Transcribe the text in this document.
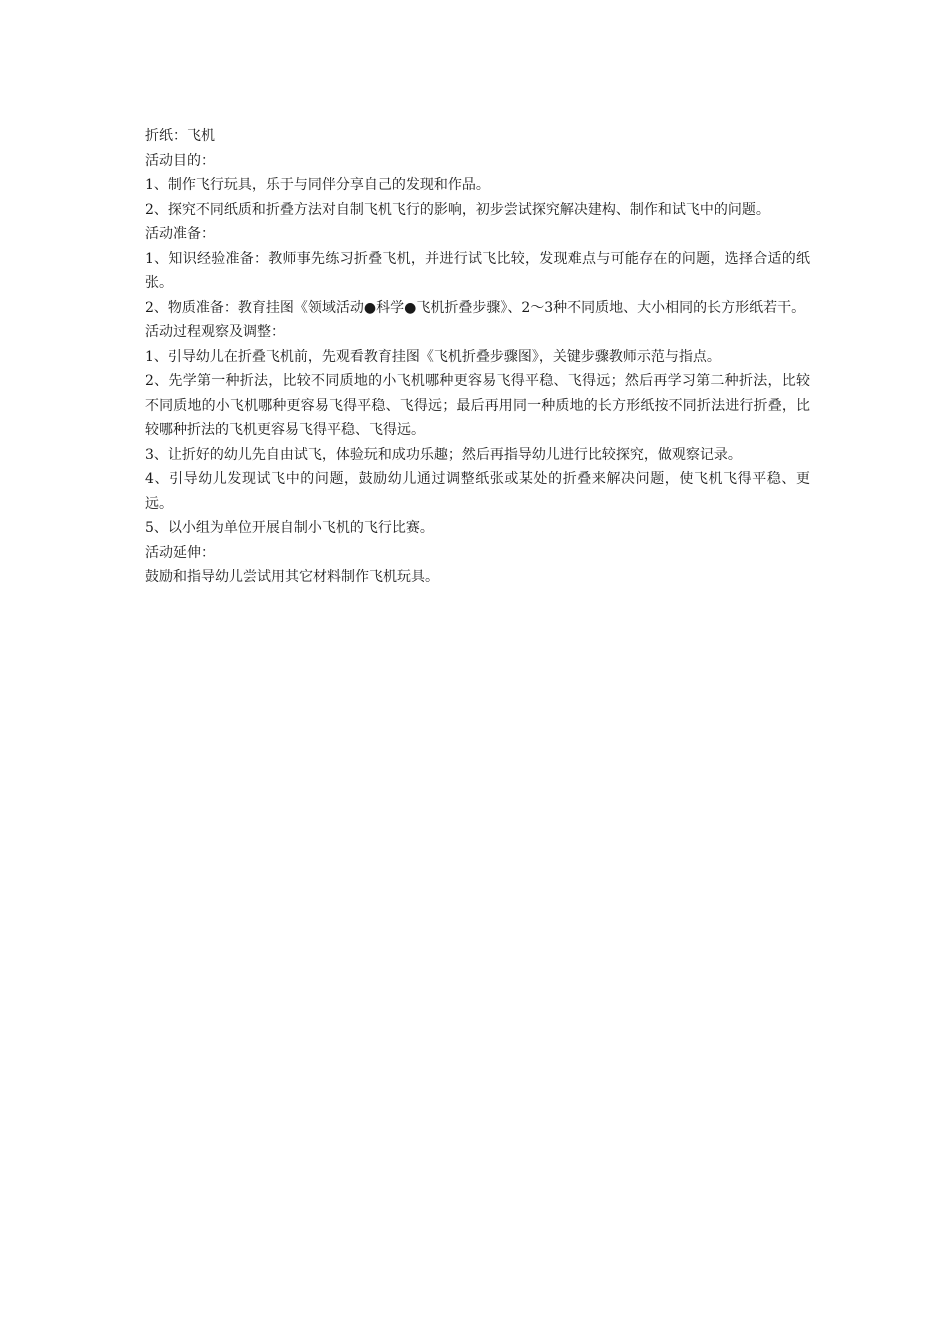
折纸：飞机

活动目的：

1、制作飞行玩具，乐于与同伴分享自己的发现和作品。

2、探究不同纸质和折叠方法对自制飞机飞行的影响，初步尝试探究解决建构、制作和试飞中的问题。

活动准备：

1、知识经验准备：教师事先练习折叠飞机，并进行试飞比较，发现难点与可能存在的问题，选择合适的纸张。

2、物质准备：教育挂图《领域活动●科学●飞机折叠步骤》、2～3种不同质地、大小相同的长方形纸若干。

活动过程观察及调整：

1、引导幼儿在折叠飞机前，先观看教育挂图《飞机折叠步骤图》，关键步骤教师示范与指点。

2、先学第一种折法，比较不同质地的小飞机哪种更容易飞得平稳、飞得远；然后再学习第二种折法，比较不同质地的小飞机哪种更容易飞得平稳、飞得远；最后再用同一种质地的长方形纸按不同折法进行折叠，比较哪种折法的飞机更容易飞得平稳、飞得远。

3、让折好的幼儿先自由试飞，体验玩和成功乐趣；然后再指导幼儿进行比较探究，做观察记录。

4、引导幼儿发现试飞中的问题，鼓励幼儿通过调整纸张或某处的折叠来解决问题，使飞机飞得平稳、更远。

5、以小组为单位开展自制小飞机的飞行比赛。

活动延伸：

鼓励和指导幼儿尝试用其它材料制作飞机玩具。
